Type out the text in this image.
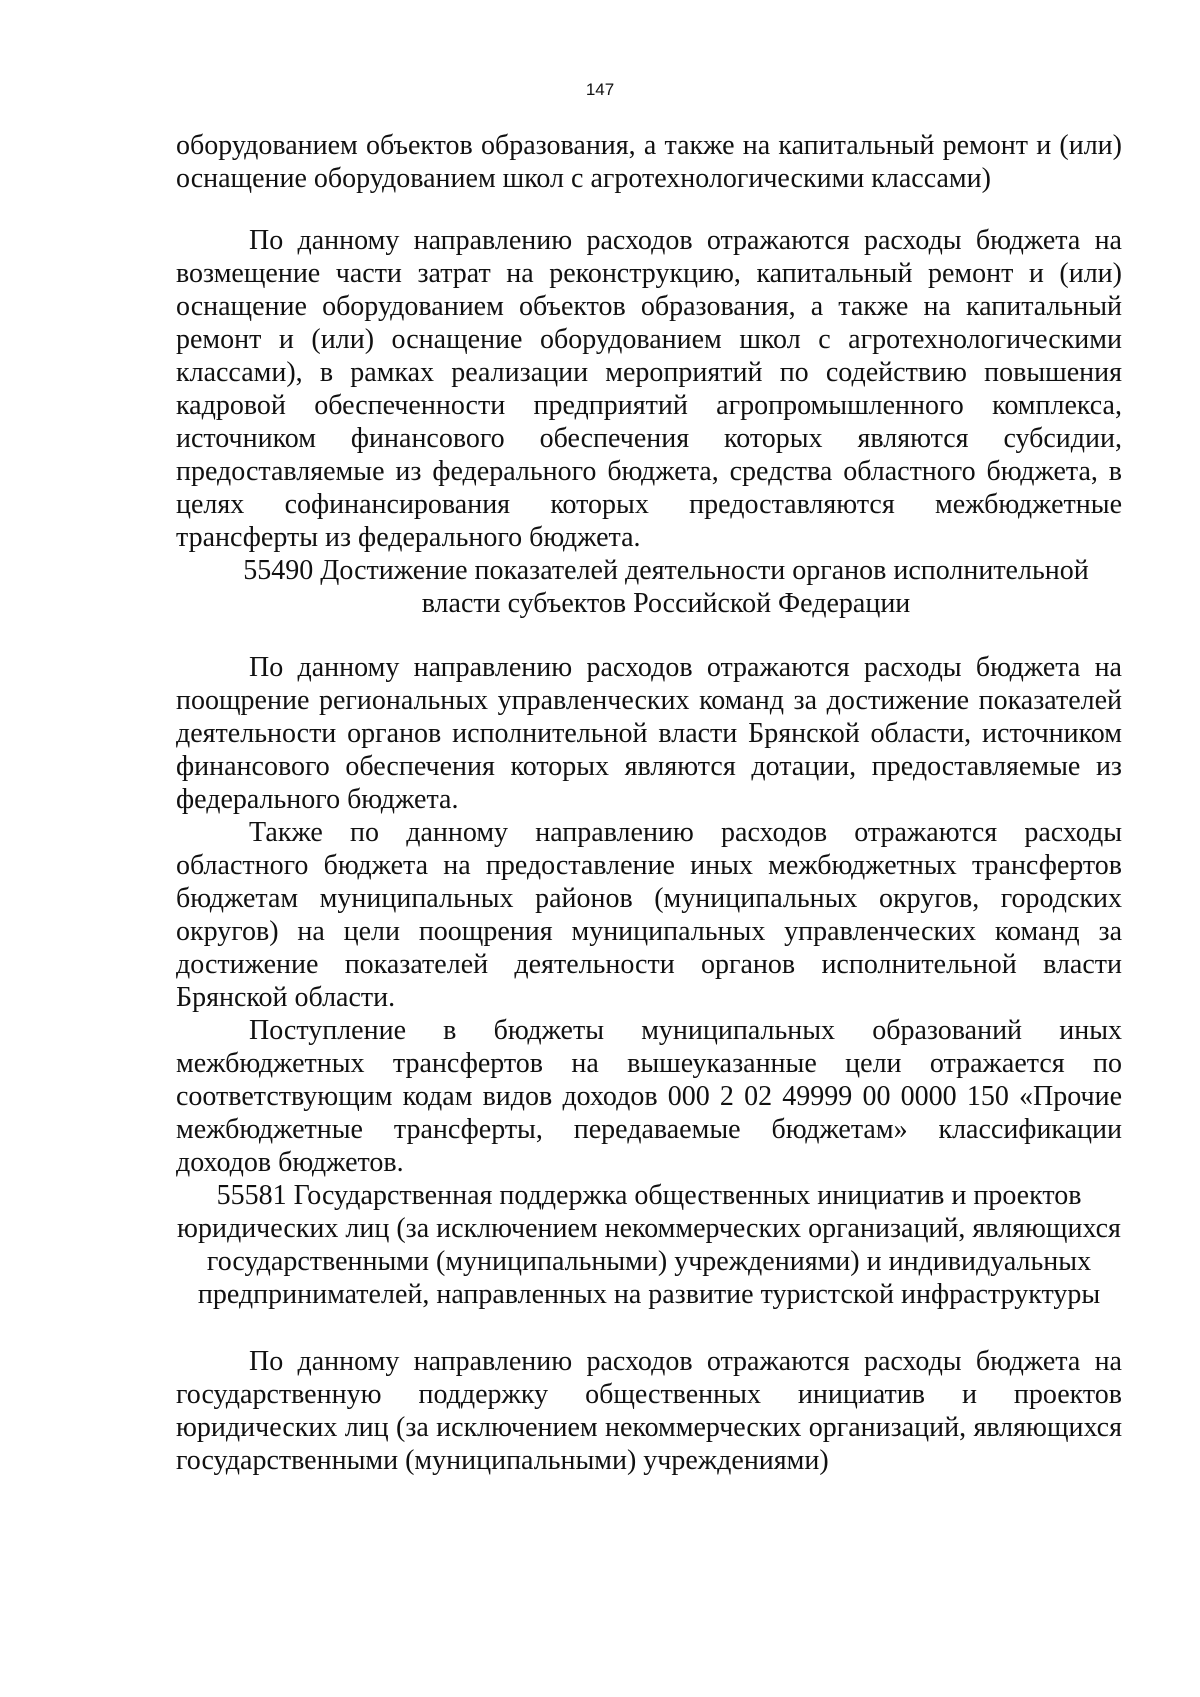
147

оборудованием объектов образования, а также на капитальный ремонт и (или) оснащение оборудованием школ с агротехнологическими классами)

По данному направлению расходов отражаются расходы бюджета на возмещение части затрат на реконструкцию, капитальный ремонт и (или) оснащение оборудованием объектов образования, а также на капитальный ремонт и (или) оснащение оборудованием школ с агротехнологическими классами), в рамках реализации мероприятий по содействию повышения кадровой обеспеченности предприятий агропромышленного комплекса, источником финансового обеспечения которых являются субсидии, предоставляемые из федерального бюджета, средства областного бюджета, в целях софинансирования которых предоставляются межбюджетные трансферты из федерального бюджета.

55490 Достижение показателей деятельности органов исполнительной власти субъектов Российской Федерации

По данному направлению расходов отражаются расходы бюджета на поощрение региональных управленческих команд за достижение показателей деятельности органов исполнительной власти Брянской области, источником финансового обеспечения которых являются дотации, предоставляемые из федерального бюджета.

Также по данному направлению расходов отражаются расходы областного бюджета на предоставление иных межбюджетных трансфертов бюджетам муниципальных районов (муниципальных округов, городских округов) на цели поощрения муниципальных управленческих команд за достижение показателей деятельности органов исполнительной власти Брянской области.

Поступление в бюджеты муниципальных образований иных межбюджетных трансфертов на вышеуказанные цели отражается по соответствующим кодам видов доходов 000 2 02 49999 00 0000 150 «Прочие межбюджетные трансферты, передаваемые бюджетам» классификации доходов бюджетов.

55581 Государственная поддержка общественных инициатив и проектов юридических лиц (за исключением некоммерческих организаций, являющихся государственными (муниципальными) учреждениями) и индивидуальных предпринимателей, направленных на развитие туристской инфраструктуры

По данному направлению расходов отражаются расходы бюджета на государственную поддержку общественных инициатив и проектов юридических лиц (за исключением некоммерческих организаций, являющихся государственными (муниципальными) учреждениями)
